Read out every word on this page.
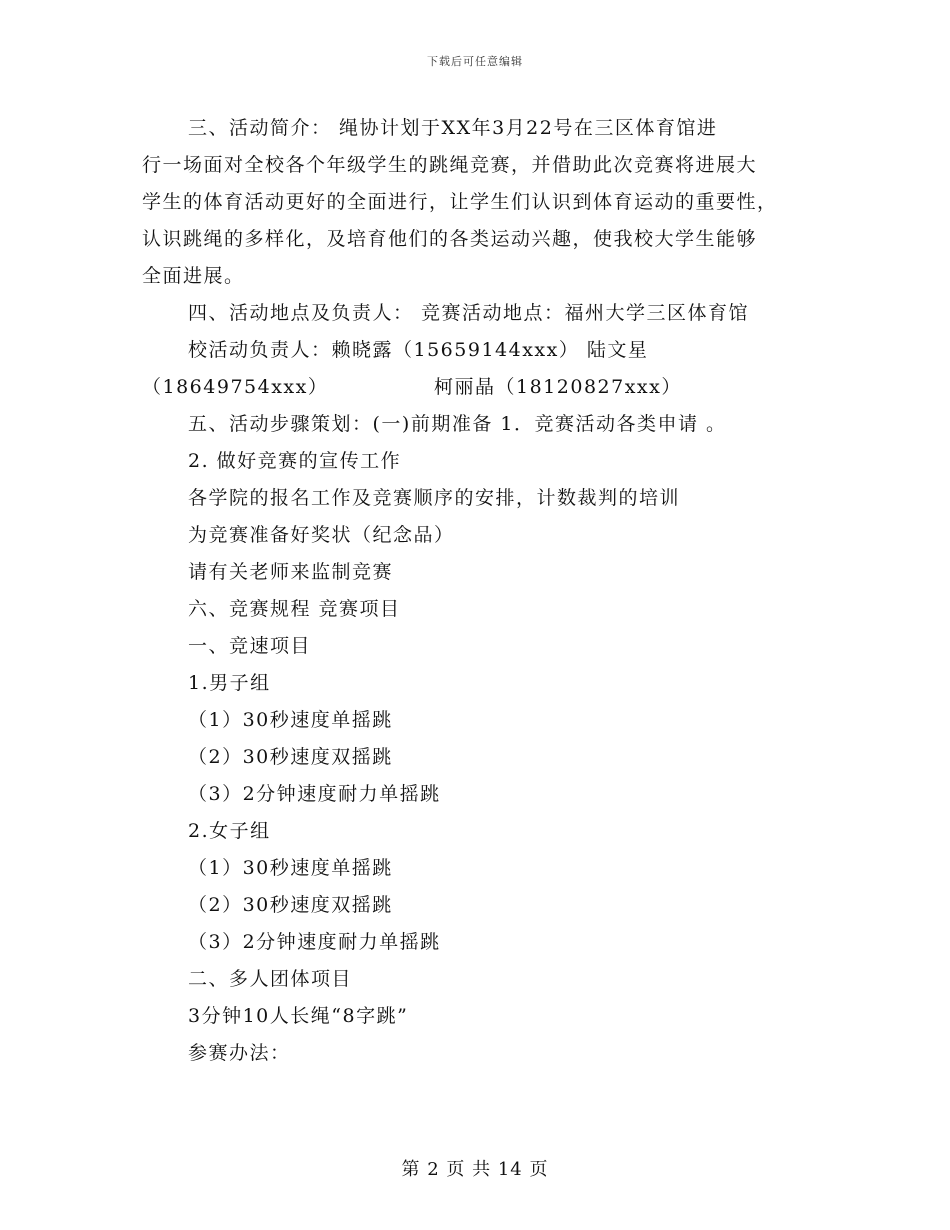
下载后可任意编辑
三、活动简介： 绳协计划于XX年3月22号在三区体育馆进
行一场面对全校各个年级学生的跳绳竞赛，并借助此次竞赛将进展大
学生的体育活动更好的全面进行，让学生们认识到体育运动的重要性，
认识跳绳的多样化，及培育他们的各类运动兴趣，使我校大学生能够
全面进展。
四、活动地点及负责人： 竞赛活动地点：福州大学三区体育馆
校活动负责人：赖晓露（15659144xxx） 陆文星
（18649754xxx）	柯丽晶（18120827xxx）
五、活动步骤策划：(一)前期准备 1．竞赛活动各类申请 。
2. 做好竞赛的宣传工作
各学院的报名工作及竞赛顺序的安排，计数裁判的培训
为竞赛准备好奖状（纪念品）
请有关老师来监制竞赛
六、竞赛规程 竞赛项目
一、竞速项目
1.男子组
（1）30秒速度单摇跳
（2）30秒速度双摇跳
（3）2分钟速度耐力单摇跳
2.女子组
（1）30秒速度单摇跳
（2）30秒速度双摇跳
（3）2分钟速度耐力单摇跳
二、多人团体项目
3分钟10人长绳“8字跳”
参赛办法：
第 2 页 共 14 页
